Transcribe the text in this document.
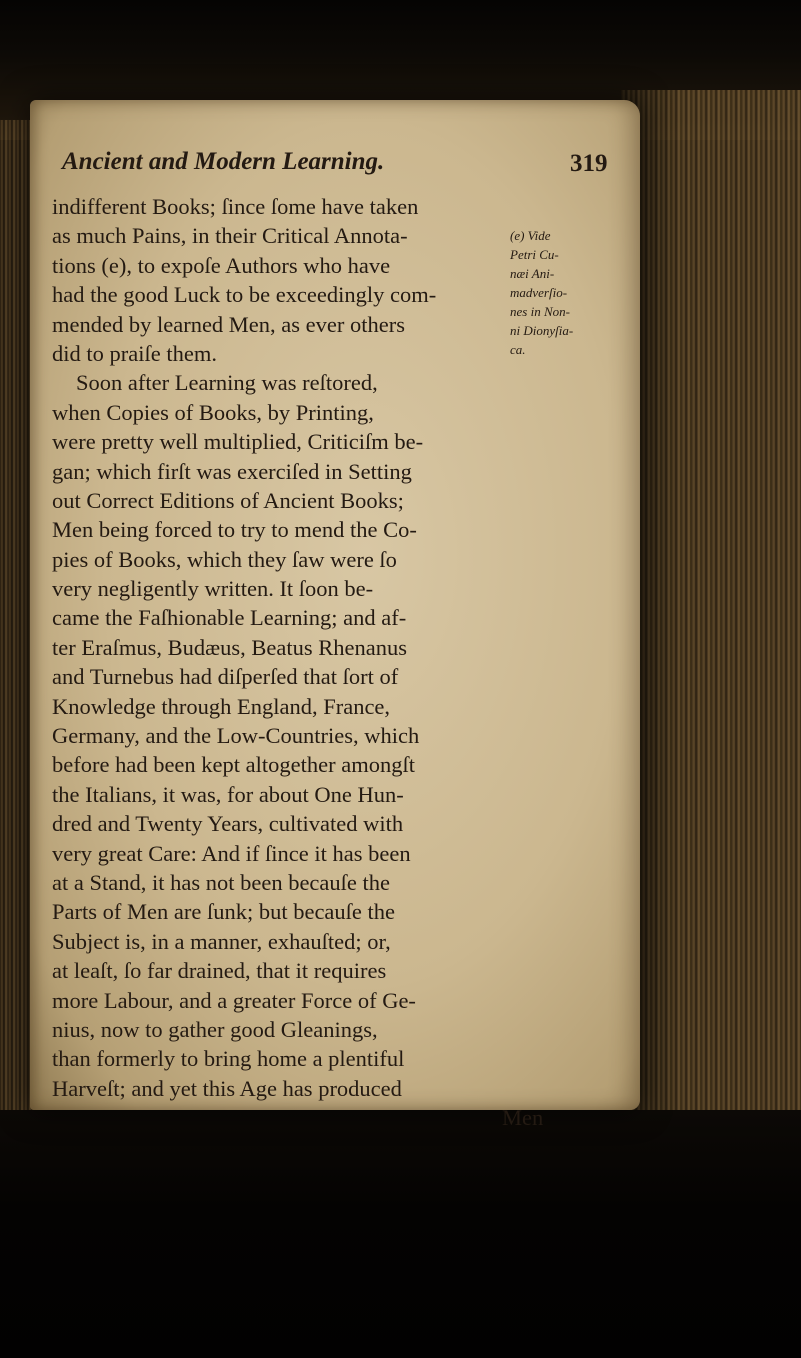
Ancient and Modern Learning.	319
indifferent Books; ſince ſome have taken
as much Pains, in their Critical Annota-
tions (e), to expoſe Authors who have
had the good Luck to be exceedingly com-
mended by learned Men, as ever others
did to praiſe them.
Soon after Learning was reſtored,
when Copies of Books, by Printing,
were pretty well multiplied, Criticiſm be-
gan; which firſt was exerciſed in Setting
out Correct Editions of Ancient Books;
Men being forced to try to mend the Co-
pies of Books, which they ſaw were ſo
very negligently written. It ſoon be-
came the Faſhionable Learning; and af-
ter Eraſmus, Budæus, Beatus Rhenanus
and Turnebus had diſperſed that ſort of
Knowledge through England, France,
Germany, and the Low-Countries, which
before had been kept altogether amongſt
the Italians, it was, for about One Hun-
dred and Twenty Years, cultivated with
very great Care: And if ſince it has been
at a Stand, it has not been becauſe the
Parts of Men are ſunk; but becauſe the
Subject is, in a manner, exhauſted; or,
at leaſt, ſo far drained, that it requires
more Labour, and a greater Force of Ge-
nius, now to gather good Gleanings,
than formerly to bring home a plentiful
Harveſt; and yet this Age has produced
Men
(e) Vide
Petri Cu-
næi Ani-
madverſio-
nes in Non-
ni Dionyſia-
ca.
